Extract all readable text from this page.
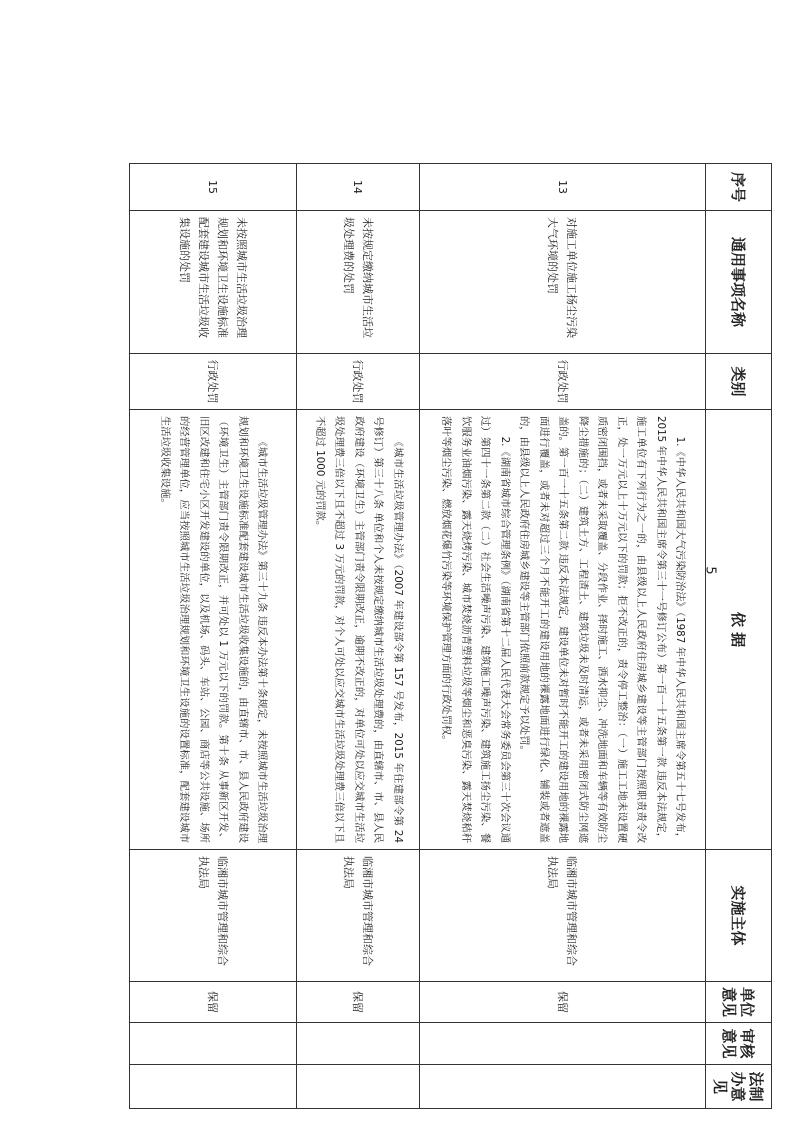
序号	通用事项名称	类别	依 据	实施主体	单位意见	审核意见	法制办意见
13	对施工单位施工扬尘污染大气环境的处罚	行政处罚	1.《中华人民共和国大气污染防治法》（1987 年中华人民共和国主席令第五十七号发布，2015 年中华人民共和国主席令第三十一号修订公布）第一百一十五条第一款 违反本法规定，施工单位有下列行为之一的，由县级以上人民政府住房城乡建设等主管部门按照职责责令改正，处一万元以上十万元以下的罚款；拒不改正的，责令停工整治：（一）施工工地未设置硬质密闭围挡，或者未采取覆盖、分段作业、择时施工、洒水抑尘、冲洗地面和车辆等有效防尘降尘措施的；（二）建筑土方、工程渣土、建筑垃圾未及时清运，或者未采用密闭式防尘网遮盖的。第一百一十五条第二款 违反本法规定，建设单位未对暂时不能开工的建设用地的裸露地面进行覆盖，或者未对超过三个月不能开工的建设用地的裸露地面进行绿化、铺装或者遮盖的，由县级以上人民政府住房城乡建设等主管部门依照前款规定予以处罚。

2.《湖南省城市综合管理条例》（湖南省第十二届人民代表大会常务委员会第三十次会议通过）第四十一条第二款（二）社会生活噪声污染、建筑施工噪声污染、建筑施工扬尘污染、餐饮服务业油烟污染、露天烧烤污染、城市焚烧沥青塑料垃圾等烟尘和恶臭污染、露天焚烧秸秆落叶等烟尘污染、燃放烟花爆竹污染等环境保护管理方面的行政处罚权。	临湘市城市管理和综合执法局	保留		
14	未按规定缴纳城市生活垃圾处理费的处罚	行政处罚	《城市生活垃圾管理办法》（2007 年建设部令第 157 号发布，2015 年住建部令第 24 号修订）第三十八条 单位和个人未按规定缴纳城市生活垃圾处理费的，由直辖市、市、县人民政府建设（环境卫生）主管部门责令限期改正，逾期不改正的，对单位可处以应交城市生活垃圾处理费三倍以下且不超过 3 万元的罚款，对个人可处以应交城市生活垃圾处理费三倍以下且不超过 1000 元的罚款。	临湘市城市管理和综合执法局	保留		
15	未按照城市生活垃圾治理规划和环境卫生设施标准配套建设城市生活垃圾收集设施的处罚	行政处罚	《城市生活垃圾管理办法》第三十九条 违反本办法第十条规定，未按照城市生活垃圾治理规划和环境卫生设施标准配套建设城市生活垃圾收集设施的，由直辖市、市、县人民政府建设（环境卫生）主管部门责令限期改正，并可处以 1 万元以下的罚款。第十条 从事新区开发、旧区改建和住宅小区开发建设的单位，以及机场、码头、车站、公园、商店等公共设施、场所的经营管理单位，应当按照城市生活垃圾治理规划和环境卫生设施的设置标准，配套建设城市生活垃圾收集设施。	临湘市城市管理和综合执法局	保留		
5
